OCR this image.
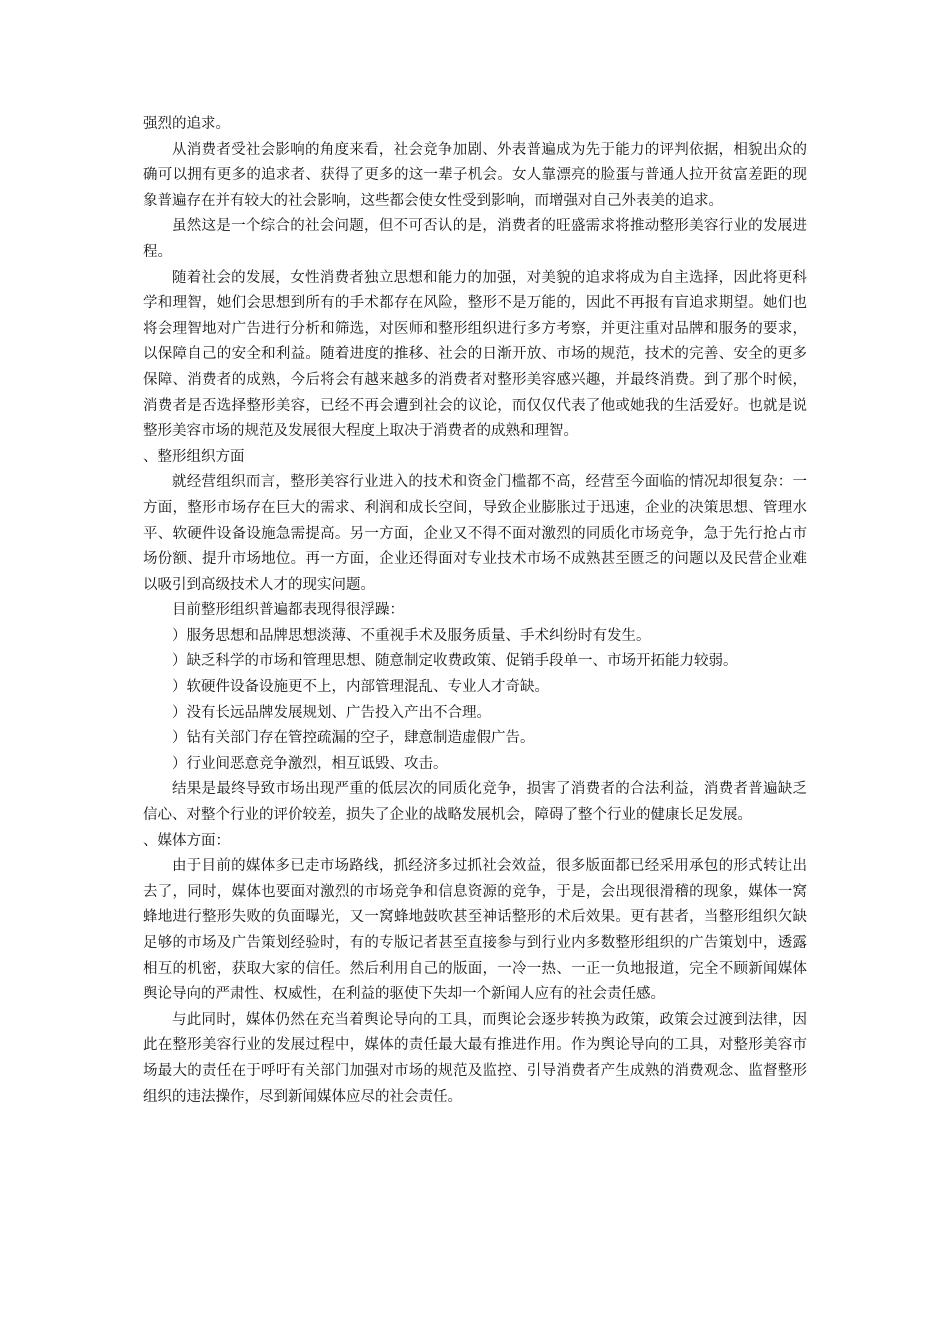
强烈的追求。

从消费者受社会影响的角度来看，社会竞争加剧、外表普遍成为先于能力的评判依据，相貌出众的确可以拥有更多的追求者、获得了更多的这一辈子机会。女人靠漂亮的脸蛋与普通人拉开贫富差距的现象普遍存在并有较大的社会影响，这些都会使女性受到影响，而增强对自己外表美的追求。

虽然这是一个综合的社会问题，但不可否认的是，消费者的旺盛需求将推动整形美容行业的发展进程。

随着社会的发展，女性消费者独立思想和能力的加强，对美貌的追求将成为自主选择，因此将更科学和理智，她们会思想到所有的手术都存在风险，整形不是万能的，因此不再报有盲追求期望。她们也将会理智地对广告进行分析和筛选，对医师和整形组织进行多方考察，并更注重对品牌和服务的要求，以保障自己的安全和利益。随着进度的推移、社会的日渐开放、市场的规范，技术的完善、安全的更多保障、消费者的成熟，今后将会有越来越多的消费者对整形美容感兴趣，并最终消费。到了那个时候，消费者是否选择整形美容，已经不再会遭到社会的议论，而仅仅代表了他或她我的生活爱好。也就是说整形美容市场的规范及发展很大程度上取决于消费者的成熟和理智。

、整形组织方面

就经营组织而言，整形美容行业进入的技术和资金门槛都不高，经营至今面临的情况却很复杂：一方面，整形市场存在巨大的需求、利润和成长空间，导致企业膨胀过于迅速，企业的决策思想、管理水平、软硬件设备设施急需提高。另一方面，企业又不得不面对激烈的同质化市场竞争，急于先行抢占市场份额、提升市场地位。再一方面，企业还得面对专业技术市场不成熟甚至匮乏的问题以及民营企业难以吸引到高级技术人才的现实问题。

目前整形组织普遍都表现得很浮躁：

）服务思想和品牌思想淡薄、不重视手术及服务质量、手术纠纷时有发生。

）缺乏科学的市场和管理思想、随意制定收费政策、促销手段单一、市场开拓能力较弱。

）软硬件设备设施更不上，内部管理混乱、专业人才奇缺。

）没有长远品牌发展规划、广告投入产出不合理。

）钻有关部门存在管控疏漏的空子，肆意制造虚假广告。

）行业间恶意竞争激烈，相互诋毁、攻击。

结果是最终导致市场出现严重的低层次的同质化竞争，损害了消费者的合法利益，消费者普遍缺乏信心、对整个行业的评价较差，损失了企业的战略发展机会，障碍了整个行业的健康长足发展。

、媒体方面：

由于目前的媒体多已走市场路线，抓经济多过抓社会效益，很多版面都已经采用承包的形式转让出去了，同时，媒体也要面对激烈的市场竞争和信息资源的竞争，于是，会出现很滑稽的现象，媒体一窝蜂地进行整形失败的负面曝光，又一窝蜂地鼓吹甚至神话整形的术后效果。更有甚者，当整形组织欠缺足够的市场及广告策划经验时，有的专版记者甚至直接参与到行业内多数整形组织的广告策划中，透露相互的机密，获取大家的信任。然后利用自己的版面，一冷一热、一正一负地报道，完全不顾新闻媒体舆论导向的严肃性、权威性，在利益的驱使下失却一个新闻人应有的社会责任感。

与此同时，媒体仍然在充当着舆论导向的工具，而舆论会逐步转换为政策，政策会过渡到法律，因此在整形美容行业的发展过程中，媒体的责任最大最有推进作用。作为舆论导向的工具，对整形美容市场最大的责任在于呼吁有关部门加强对市场的规范及监控、引导消费者产生成熟的消费观念、监督整形组织的违法操作，尽到新闻媒体应尽的社会责任。
